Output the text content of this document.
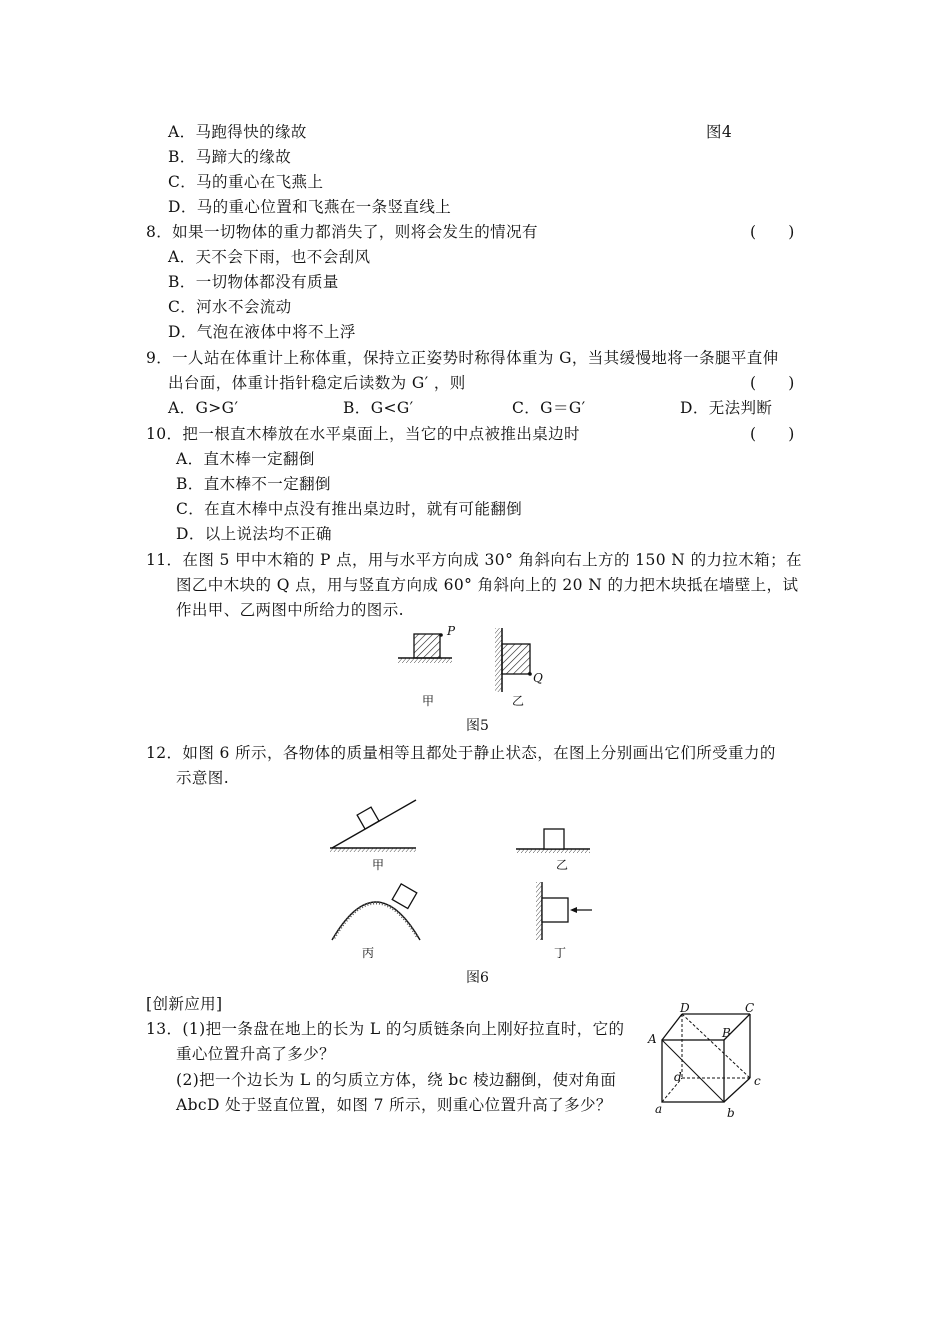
A．马跑得快的缘故	图4
B．马蹄大的缘故
C．马的重心在飞燕上
D．马的重心位置和飞燕在一条竖直线上
8．如果一切物体的重力都消失了，则将会发生的情况有	(　　)
A．天不会下雨，也不会刮风
B．一切物体都没有质量
C．河水不会流动
D．气泡在液体中将不上浮
9．一人站在体重计上称体重，保持立正姿势时称得体重为 G，当其缓慢地将一条腿平直伸
出台面，体重计指针稳定后读数为 G′ ，则	(　　)
A．G>G′	B．G<G′	C．G＝G′	D．无法判断
10．把一根直木棒放在水平桌面上，当它的中点被推出桌边时	(　　)
A．直木棒一定翻倒
B．直木棒不一定翻倒
C．在直木棒中点没有推出桌边时，就有可能翻倒
D．以上说法均不正确
11．在图 5 甲中木箱的 P 点，用与水平方向成 30° 角斜向右上方的 150 N 的力拉木箱；在
图乙中木块的 Q 点，用与竖直方向成 60° 角斜向上的 20 N 的力把木块抵在墙壁上，试
作出甲、乙两图中所给力的图示.
P
Q
甲	乙
图5
12．如图 6 所示，各物体的质量相等且都处于静止状态，在图上分别画出它们所受重力的
示意图.
甲	乙
丙	丁
图6
[创新应用]
13．(1)把一条盘在地上的长为 L 的匀质链条向上刚好拉直时，它的
重心位置升高了多少？
(2)把一个边长为 L 的匀质立方体，绕 bc 棱边翻倒，使对角面
AbcD 处于竖直位置，如图 7 所示，则重心位置升高了多少？
D	C
A	B
d	c
a	b
